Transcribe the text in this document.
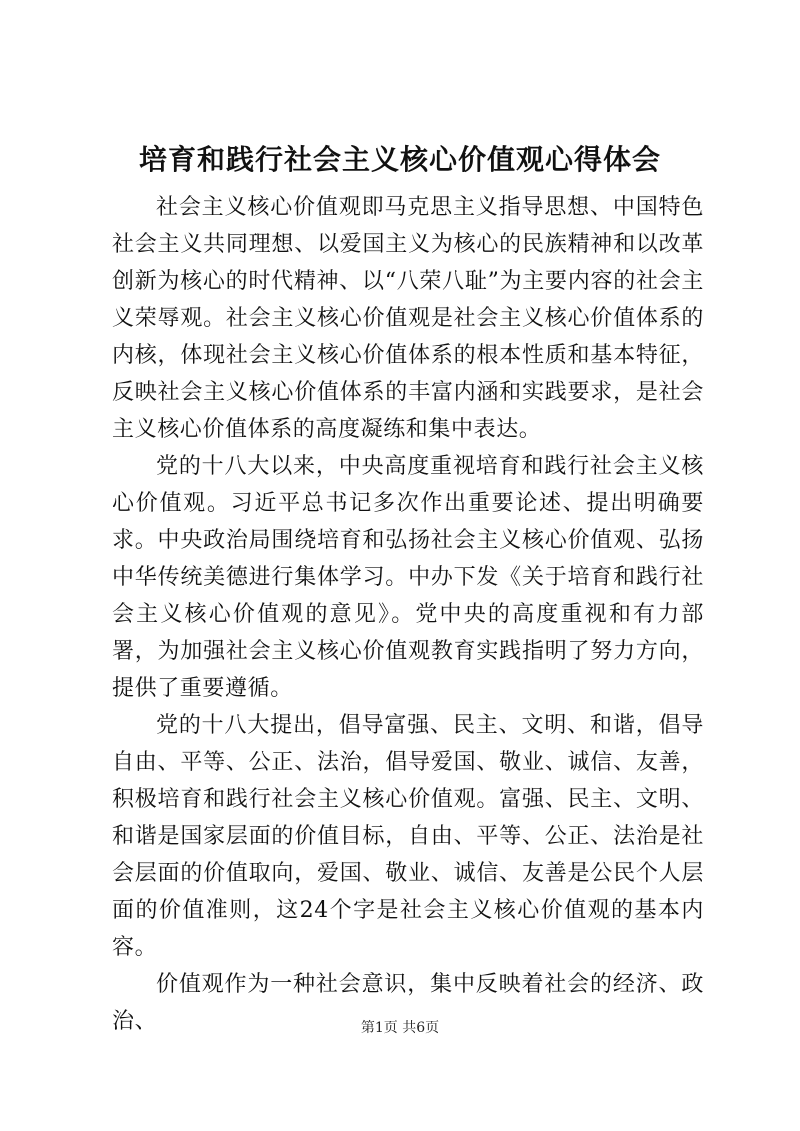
培育和践行社会主义核心价值观心得体会

社会主义核心价值观即马克思主义指导思想、中国特色社会主义共同理想、以爱国主义为核心的民族精神和以改革创新为核心的时代精神、以“八荣八耻”为主要内容的社会主义荣辱观。社会主义核心价值观是社会主义核心价值体系的内核，体现社会主义核心价值体系的根本性质和基本特征，反映社会主义核心价值体系的丰富内涵和实践要求，是社会主义核心价值体系的高度凝练和集中表达。

党的十八大以来，中央高度重视培育和践行社会主义核心价值观。习近平总书记多次作出重要论述、提出明确要求。中央政治局围绕培育和弘扬社会主义核心价值观、弘扬中华传统美德进行集体学习。中办下发《关于培育和践行社会主义核心价值观的意见》。党中央的高度重视和有力部署，为加强社会主义核心价值观教育实践指明了努力方向，提供了重要遵循。

党的十八大提出，倡导富强、民主、文明、和谐，倡导自由、平等、公正、法治，倡导爱国、敬业、诚信、友善，积极培育和践行社会主义核心价值观。富强、民主、文明、和谐是国家层面的价值目标，自由、平等、公正、法治是社会层面的价值取向，爱国、敬业、诚信、友善是公民个人层面的价值准则，这24个字是社会主义核心价值观的基本内容。

价值观作为一种社会意识，集中反映着社会的经济、政治、	第1页 共6页
